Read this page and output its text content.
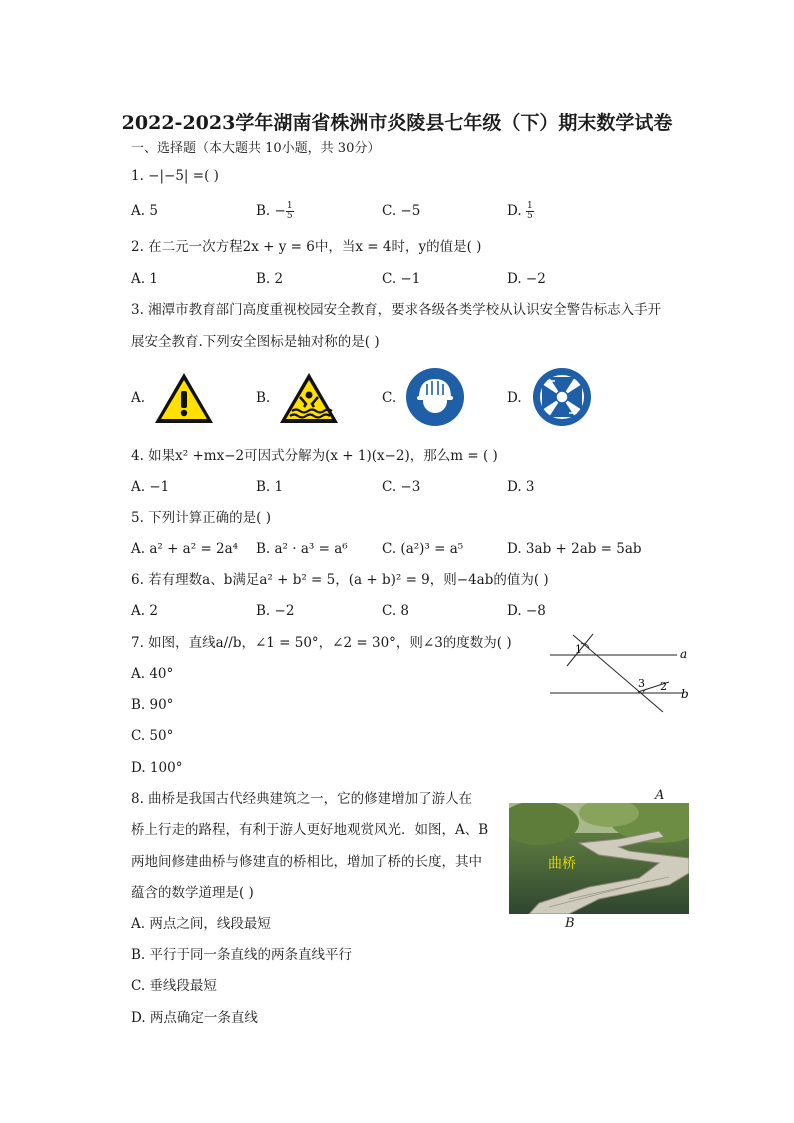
2022-2023学年湖南省株洲市炎陵县七年级（下）期末数学试卷
一、选择题（本大题共 10小题，共 30分）
1. −|−5| =( )
A. 5	B. − $\frac{1}{5}$	C. −5	D. $\frac{1}{5}$
2. 在二元一次方程2x + y = 6中，当x = 4时，y的值是( )
A. 1	B. 2	C. −1	D. −2
3. 湘潭市教育部门高度重视校园安全教育，要求各级各类学校从认识安全警告标志入手开
展安全教育.下列安全图标是轴对称的是( )
A.	B.	C.	D.
4. 如果x² +mx−2可因式分解为(x + 1)(x−2)，那么m = ( )
A. −1	B. 1	C. −3	D. 3
5. 下列计算正确的是( )
A. a² + a² = 2a⁴ B. a² · a³ = a⁶	C. (a²)³ = a⁵	D. 3ab + 2ab = 5ab
6. 若有理数a、b满足a² + b² = 5，(a + b)² = 9，则−4ab的值为( )
A. 2	B. −2	C. 8	D. −8
7. 如图，直线a//b，∠1 = 50°，∠2 = 30°，则∠3的度数为( )
A. 40°
B. 90°
C. 50°
D. 100°
1
2
3
a
b
8. 曲桥是我国古代经典建筑之一，它的修建增加了游人在
桥上行走的路程，有利于游人更好地观赏风光．如图，A、B
两地间修建曲桥与修建直的桥相比，增加了桥的长度，其中
蕴含的数学道理是( )
A. 两点之间，线段最短
B. 平行于同一条直线的两条直线平行
C. 垂线段最短
D. 两点确定一条直线
A
曲桥
B
